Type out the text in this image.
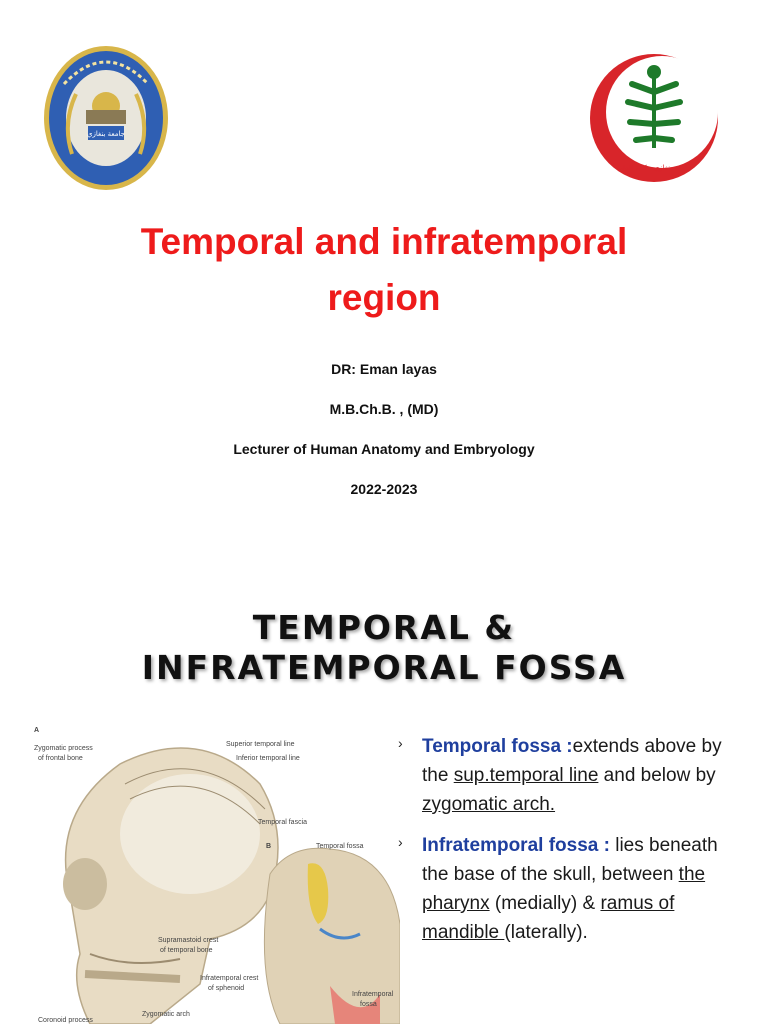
جامعة بنغازي
جامعة بنغازي - كلية الطب
Temporal and infratemporal
region
DR: Eman layas
M.B.Ch.B. , (MD)
Lecturer of Human Anatomy and Embryology
2022-2023
TEMPORAL &
INFRATEMPORAL FOSSA
A
B
Zygomatic process
of frontal bone
Superior temporal line
Inferior temporal line
Temporal fascia
Temporal fossa
Supramastoid crest
of temporal bone
Infratemporal crest
of sphenoid
Zygomatic arch
Infratemporal
fossa
Coronoid process
› Temporal fossa :extends above by the sup.temporal line and below by zygomatic arch.
› Infratemporal fossa : lies beneath the base of the skull, between the pharynx (medially) & ramus of mandible (laterally).
